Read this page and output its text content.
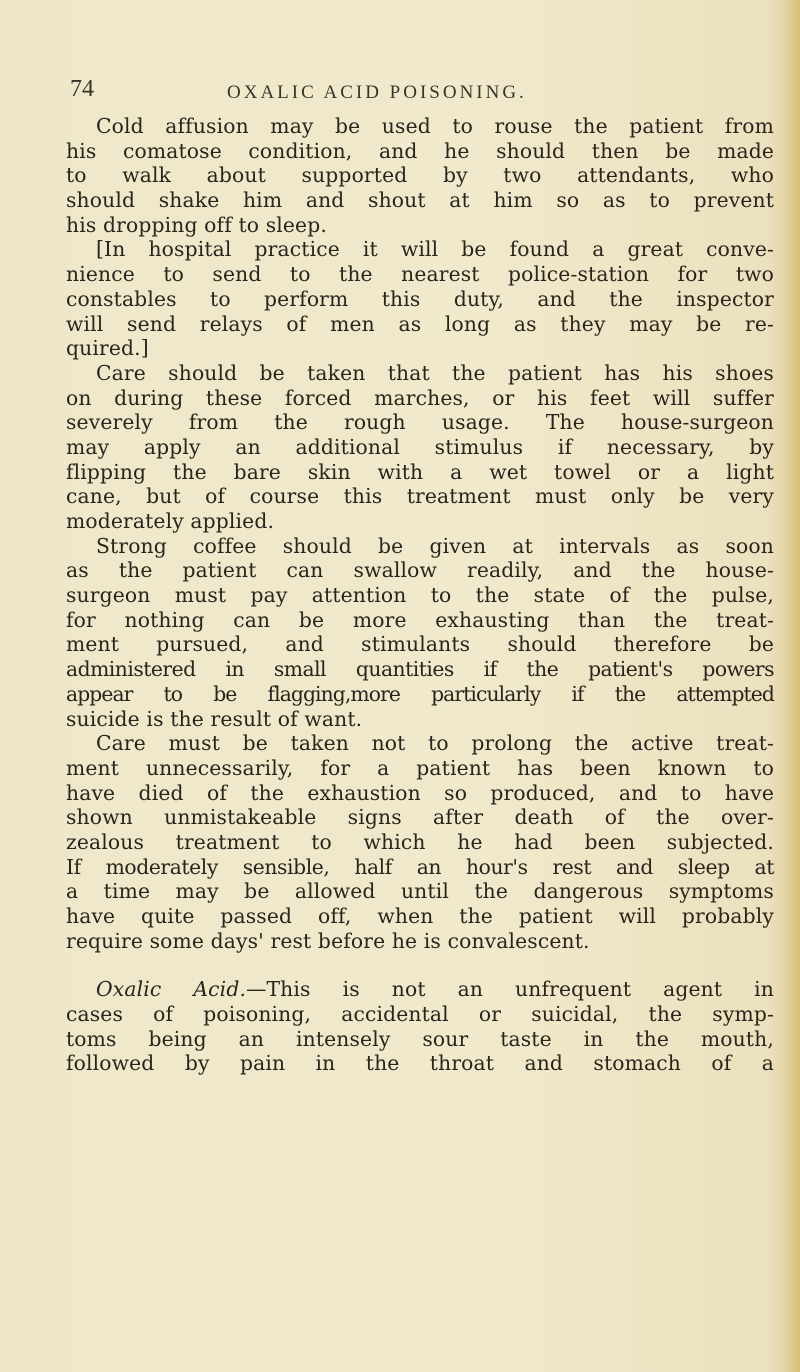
74	OXALIC ACID POISONING.
Cold affusion may be used to rouse the patient from
his comatose condition, and he should then be made
to walk about supported by two attendants, who
should shake him and shout at him so as to prevent
his dropping off to sleep.
[In hospital practice it will be found a great conve-
nience to send to the nearest police-station for two
constables to perform this duty, and the inspector
will send relays of men as long as they may be re-
quired.]
Care should be taken that the patient has his shoes
on during these forced marches, or his feet will suffer
severely from the rough usage. The house-surgeon
may apply an additional stimulus if necessary, by
flipping the bare skin with a wet towel or a light
cane, but of course this treatment must only be very
moderately applied.
Strong coffee should be given at intervals as soon
as the patient can swallow readily, and the house-
surgeon must pay attention to the state of the pulse,
for nothing can be more exhausting than the treat-
ment pursued, and stimulants should therefore be
administered in small quantities if the patient's powers
appear to be flagging,more particularly if the attempted
suicide is the result of want.
Care must be taken not to prolong the active treat-
ment unnecessarily, for a patient has been known to
have died of the exhaustion so produced, and to have
shown unmistakeable signs after death of the over-
zealous treatment to which he had been subjected.
If moderately sensible, half an hour's rest and sleep at
a time may be allowed until the dangerous symptoms
have quite passed off, when the patient will probably
require some days' rest before he is convalescent.
Oxalic Acid.—This is not an unfrequent agent in
cases of poisoning, accidental or suicidal, the symp-
toms being an intensely sour taste in the mouth,
followed by pain in the throat and stomach of a
